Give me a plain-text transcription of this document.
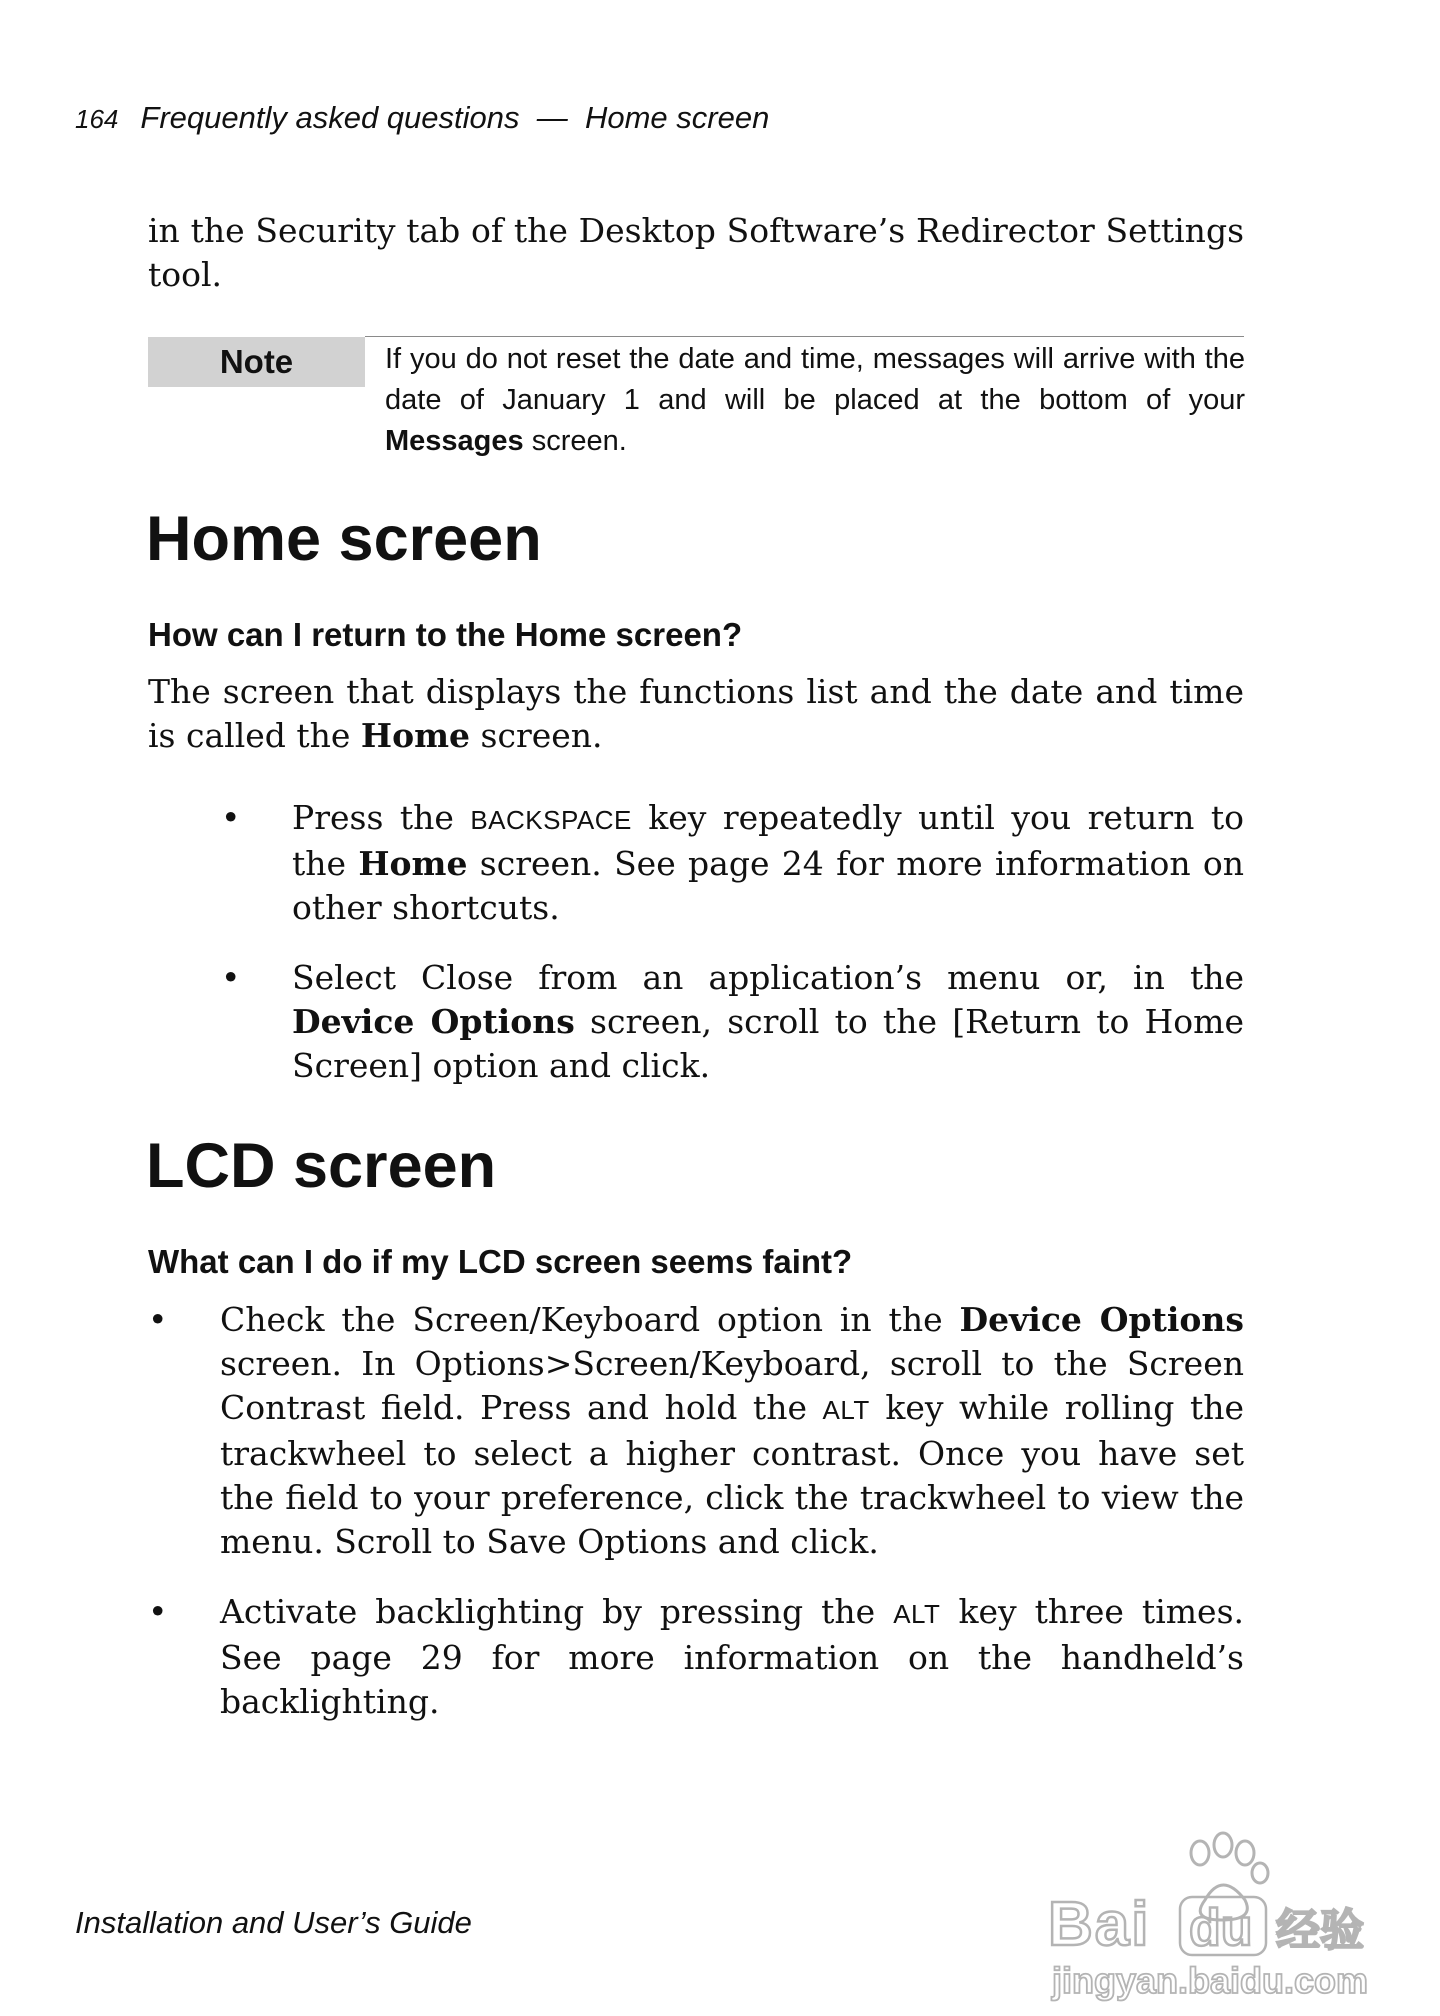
164 Frequently asked questions  —  Home screen
in the Security tab of the Desktop Software’s Redirector Settings tool.
Note	If you do not reset the date and time, messages will arrive with the date of January 1 and will be placed at the bottom of your Messages screen.
Home screen
How can I return to the Home screen?
The screen that displays the functions list and the date and time is called the Home screen.
• Press the BACKSPACE key repeatedly until you return to the Home screen. See page 24 for more information on other shortcuts.
• Select Close from an application’s menu or, in the Device Options screen, scroll to the [Return to Home Screen] option and click.
LCD screen
What can I do if my LCD screen seems faint?
• Check the Screen/Keyboard option in the Device Options screen. In Options>Screen/Keyboard, scroll to the Screen Contrast field. Press and hold the ALT key while rolling the trackwheel to select a higher contrast. Once you have set the field to your preference, click the trackwheel to view the menu. Scroll to Save Options and click.
• Activate backlighting by pressing the ALT key three times. See page 29 for more information on the handheld’s backlighting.
Installation and User’s Guide	Bai du 经验
jingyan.baidu.com
